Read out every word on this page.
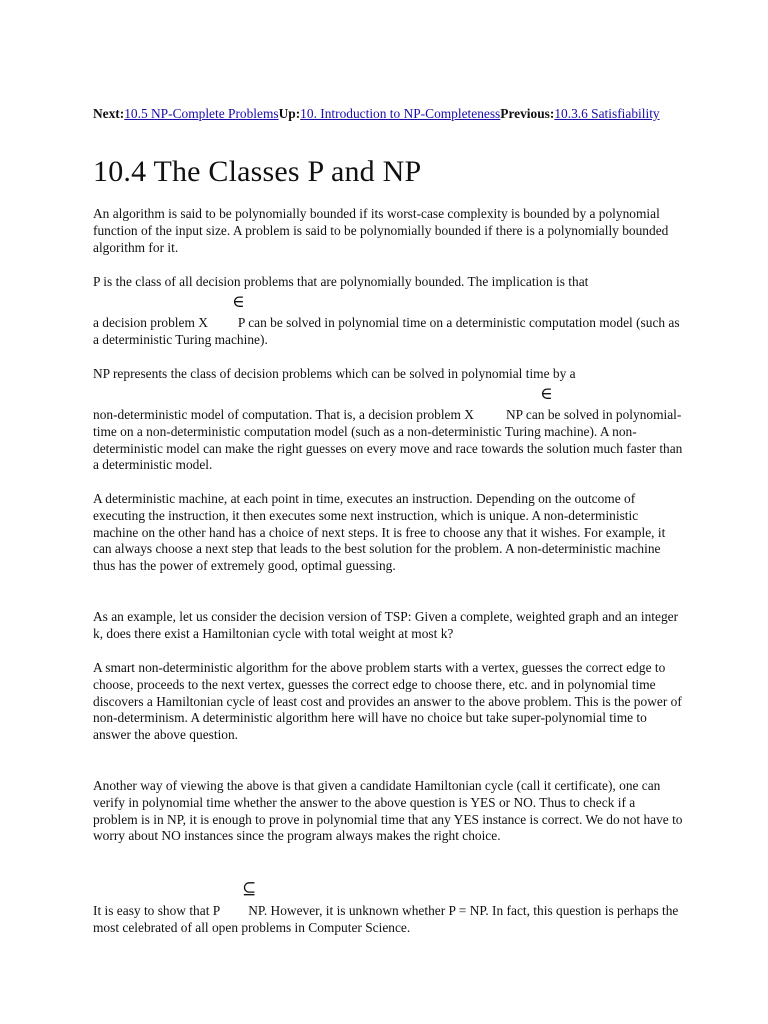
Next:10.5 NP-Complete ProblemsUp:10. Introduction to NP-CompletenessPrevious:10.3.6 Satisfiability
10.4 The Classes P and NP

An algorithm is said to be polynomially bounded if its worst-case complexity is bounded by a polynomial function of the input size. A problem is said to be polynomially bounded if there is a polynomially bounded algorithm for it.

P is the class of all decision problems that are polynomially bounded. The implication is that

∈

a decision problem X P can be solved in polynomial time on a deterministic computation model (such as a deterministic Turing machine).

NP represents the class of decision problems which can be solved in polynomial time by a

∈

non-deterministic model of computation. That is, a decision problem X NP can be solved in polynomial-time on a non-deterministic computation model (such as a non-deterministic Turing machine). A non-deterministic model can make the right guesses on every move and race towards the solution much faster than a deterministic model.

A deterministic machine, at each point in time, executes an instruction. Depending on the outcome of executing the instruction, it then executes some next instruction, which is unique. A non-deterministic machine on the other hand has a choice of next steps. It is free to choose any that it wishes. For example, it can always choose a next step that leads to the best solution for the problem. A non-deterministic machine thus has the power of extremely good, optimal guessing.

As an example, let us consider the decision version of TSP: Given a complete, weighted graph and an integer k, does there exist a Hamiltonian cycle with total weight at most k?

A smart non-deterministic algorithm for the above problem starts with a vertex, guesses the correct edge to choose, proceeds to the next vertex, guesses the correct edge to choose there, etc. and in polynomial time discovers a Hamiltonian cycle of least cost and provides an answer to the above problem. This is the power of non-determinism. A deterministic algorithm here will have no choice but take super-polynomial time to answer the above question.

Another way of viewing the above is that given a candidate Hamiltonian cycle (call it certificate), one can verify in polynomial time whether the answer to the above question is YES or NO. Thus to check if a problem is in NP, it is enough to prove in polynomial time that any YES instance is correct. We do not have to worry about NO instances since the program always makes the right choice.

⊆

It is easy to show that P NP. However, it is unknown whether P = NP. In fact, this question is perhaps the most celebrated of all open problems in Computer Science.
